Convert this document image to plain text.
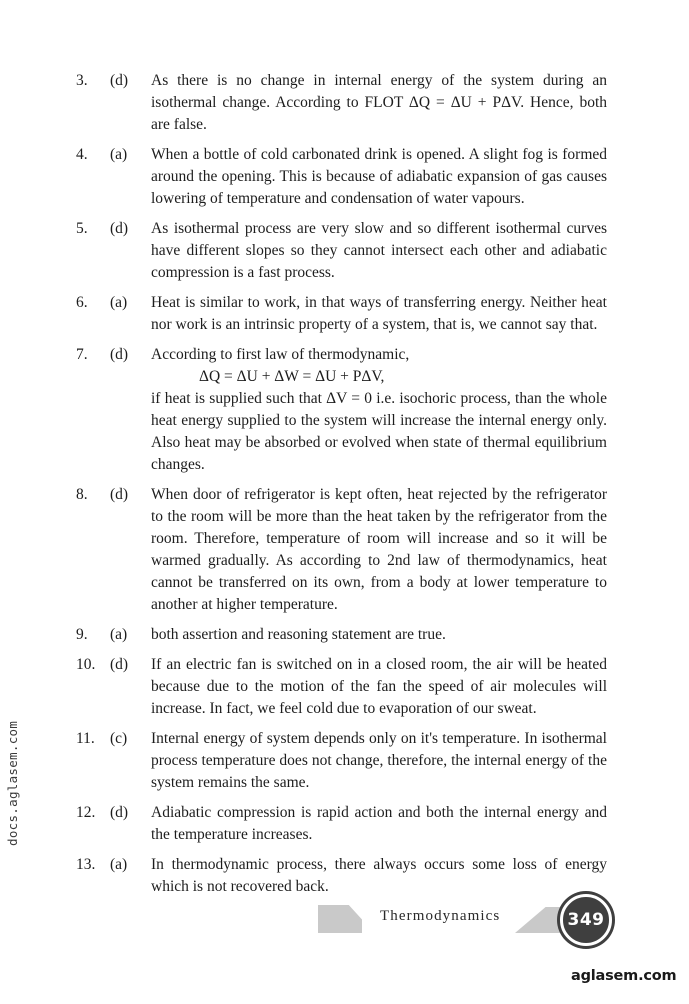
docs.aglasem.com
3.	(d)	As there is no change in internal energy of the system during an isothermal change. According to FLOT ΔQ = ΔU + PΔV. Hence, both are false.

4.	(a)	When a bottle of cold carbonated drink is opened. A slight fog is formed around the opening. This is because of adiabatic expansion of gas causes lowering of temperature and condensation of water vapours.

5.	(d)	As isothermal process are very slow and so different isothermal curves have different slopes so they cannot intersect each other and adiabatic compression is a fast process.

6.	(a)	Heat is similar to work, in that ways of transferring energy. Neither heat nor work is an intrinsic property of a system, that is, we cannot say that.

7.	(d)	According to first law of thermodynamic,

ΔQ = ΔU + ΔW = ΔU + PΔV,

if heat is supplied such that ΔV = 0 i.e. isochoric process, than the whole heat energy supplied to the system will increase the internal energy only. Also heat may be absorbed or evolved when state of thermal equilibrium changes.

8.	(d)	When door of refrigerator is kept often, heat rejected by the refrigerator to the room will be more than the heat taken by the refrigerator from the room. Therefore, temperature of room will increase and so it will be warmed gradually. As according to 2nd law of thermodynamics, heat cannot be transferred on its own, from a body at lower temperature to another at higher temperature.

9.	(a)	both assertion and reasoning statement are true.

10. (d)	If an electric fan is switched on in a closed room, the air will be heated because due to the motion of the fan the speed of air molecules will increase. In fact, we feel cold due to evaporation of our sweat.

11. (c)	Internal energy of system depends only on it's temperature. In isothermal process temperature does not change, therefore, the internal energy of the system remains the same.

12. (d)	Adiabatic compression is rapid action and both the internal energy and the temperature increases.

13. (a)	In thermodynamic process, there always occurs some loss of energy which is not recovered back.

Thermodynamics	349
aglasem.com
